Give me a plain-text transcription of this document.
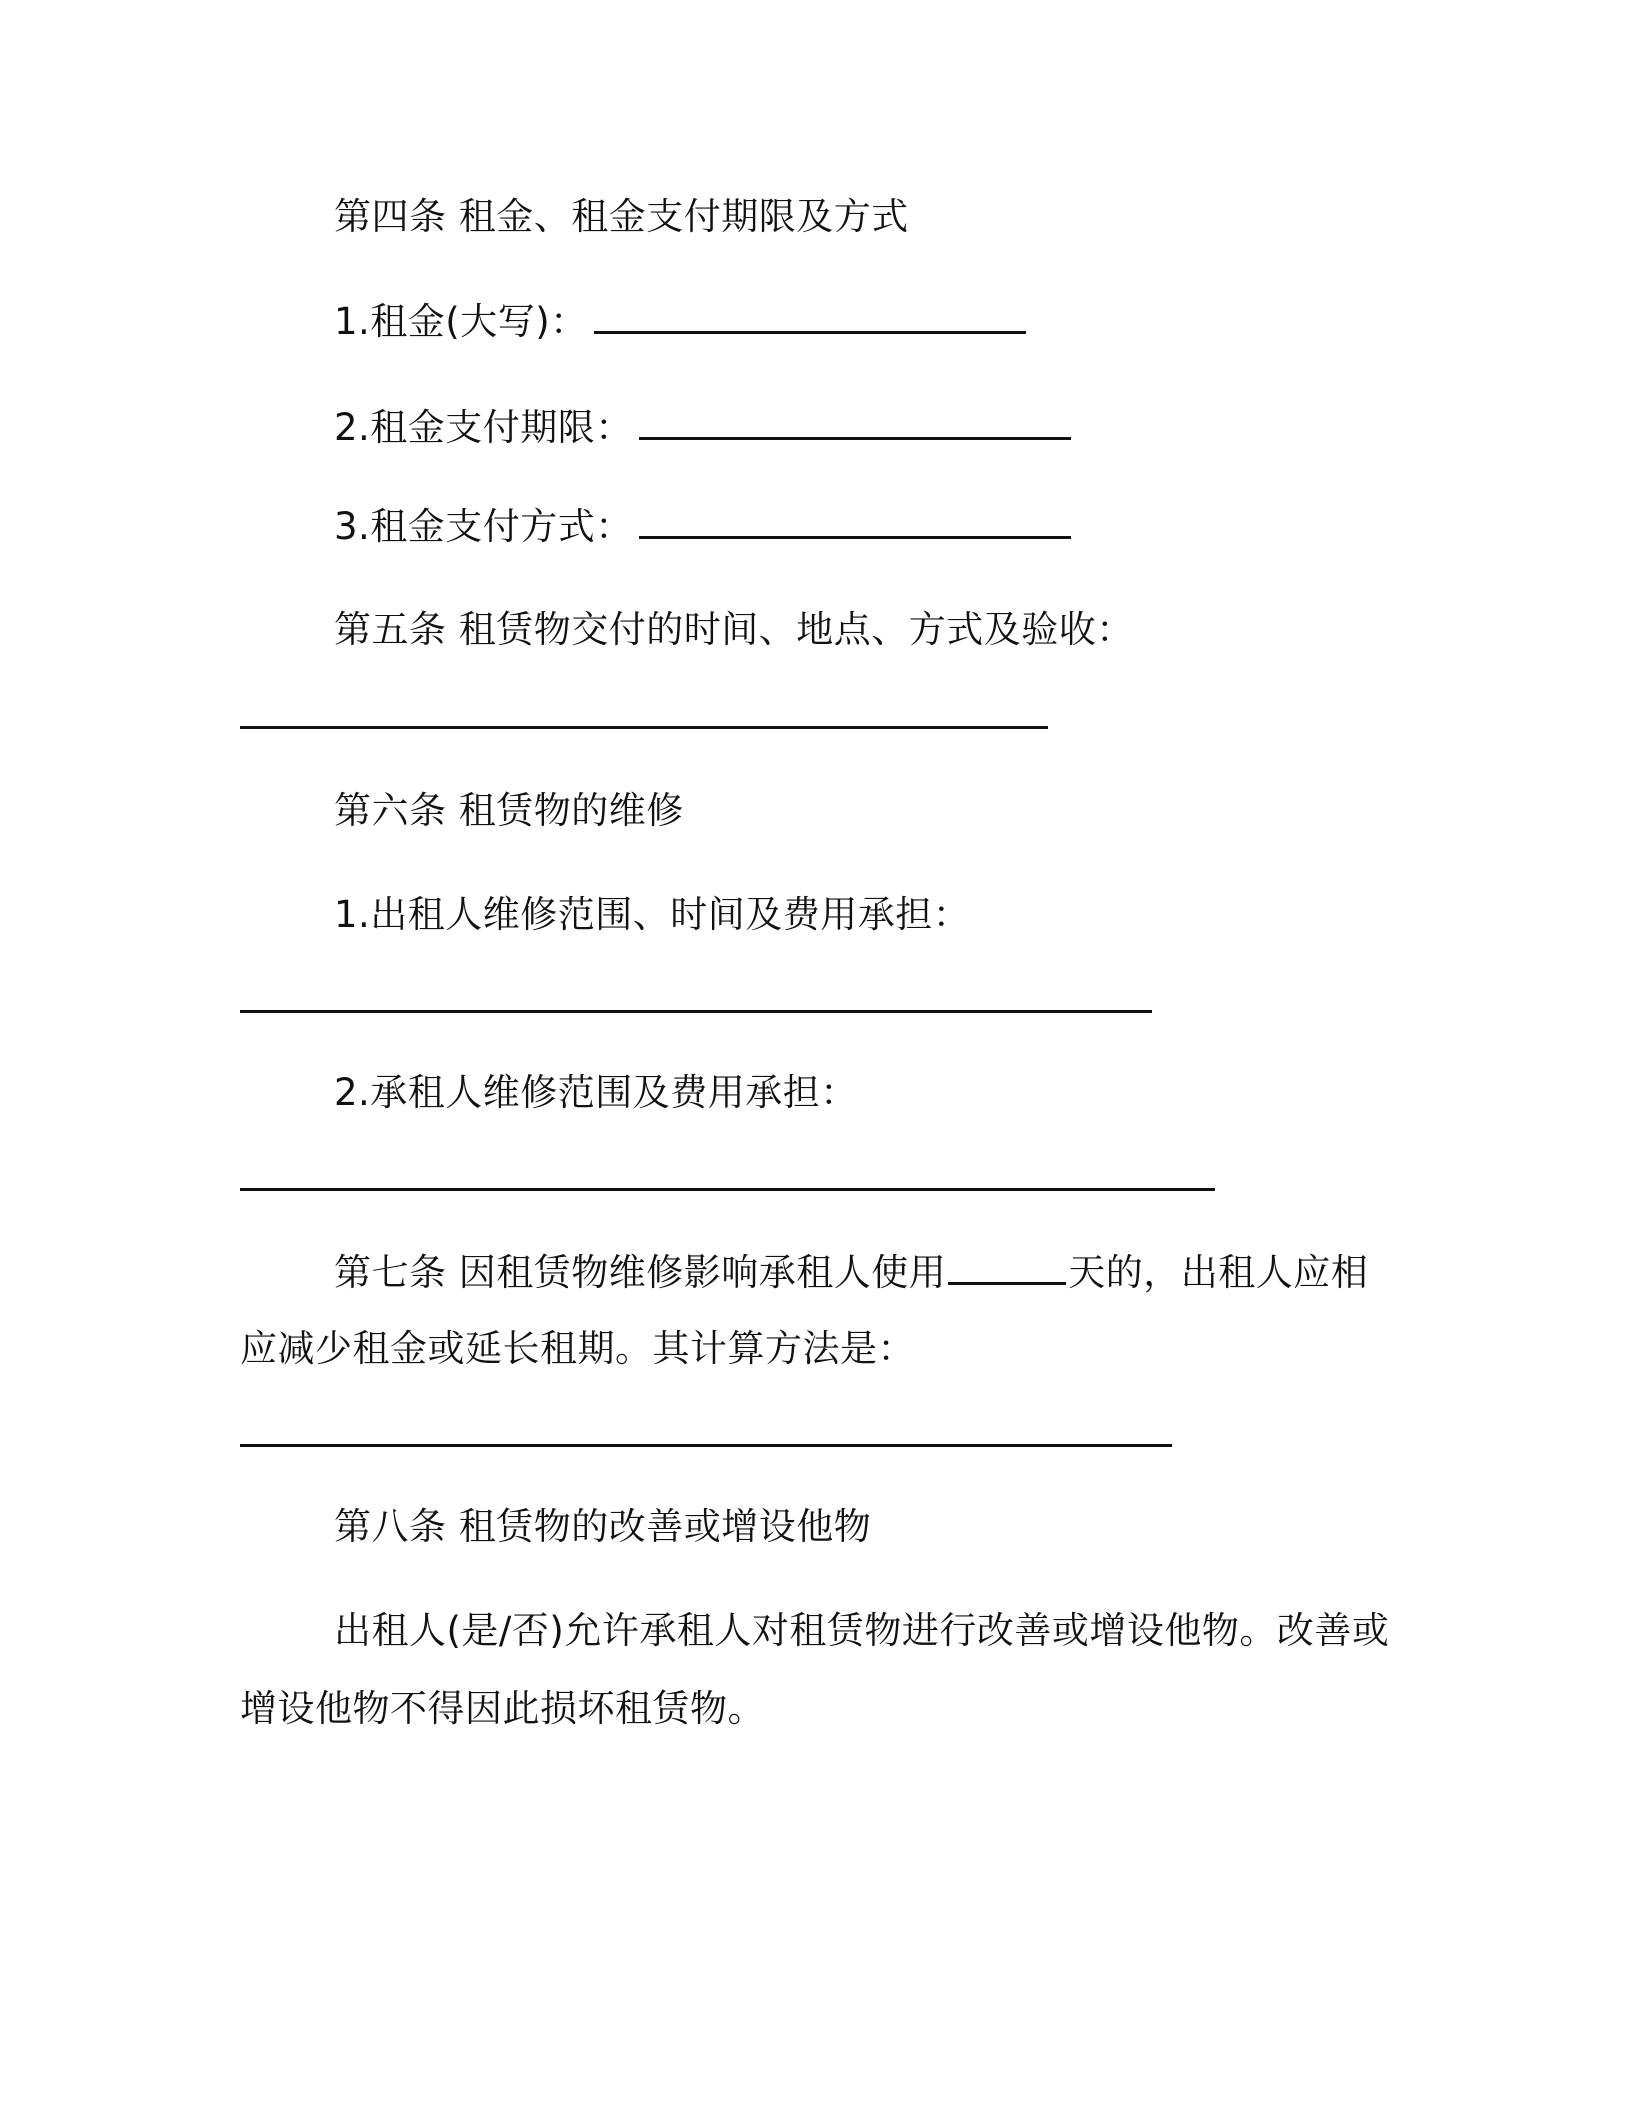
第四条 租金、租金支付期限及方式

1.租金(大写)：

2.租金支付期限：

3.租金支付方式：

第五条 租赁物交付的时间、地点、方式及验收：

第六条 租赁物的维修

1.出租人维修范围、时间及费用承担：

2.承租人维修范围及费用承担：

第七条 因租赁物维修影响承租人使用	天的，出租人应相

应减少租金或延长租期。其计算方法是：

第八条 租赁物的改善或增设他物

出租人(是/否)允许承租人对租赁物进行改善或增设他物。改善或

增设他物不得因此损坏租赁物。
